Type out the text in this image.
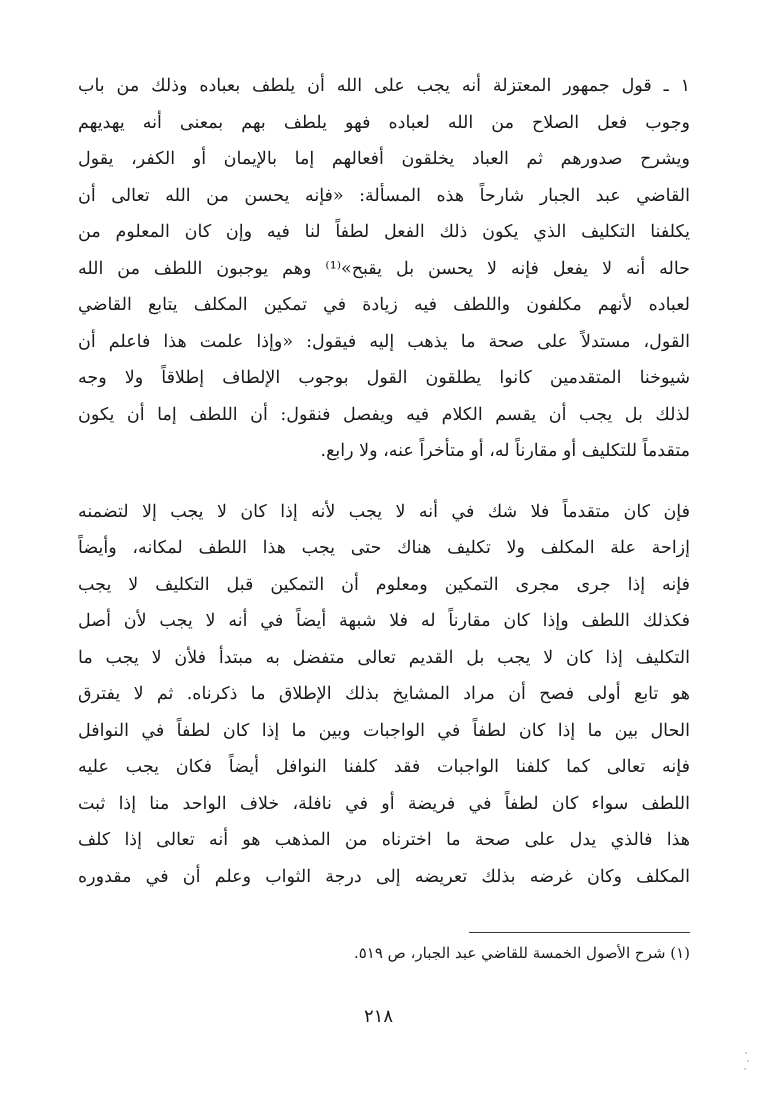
١ ـ قول جمهور المعتزلة أنه يجب على الله أن يلطف بعباده وذلك من باب
وجوب فعل الصلاح من الله لعباده فهو يلطف بهم بمعنى أنه يهديهم
ويشرح صدورهم ثم العباد يخلقون أفعالهم إما بالإيمان أو الكفر، يقول
القاضي عبد الجبار شارحاً هذه المسألة: «فإنه يحسن من الله تعالى أن
يكلفنا التكليف الذي يكون ذلك الفعل لطفاً لنا فيه وإن كان المعلوم من
حاله أنه لا يفعل فإنه لا يحسن بل يقبح»⁽¹⁾ وهم يوجبون اللطف من الله
لعباده لأنهم مكلفون واللطف فيه زيادة في تمكين المكلف يتابع القاضي
القول، مستدلاً على صحة ما يذهب إليه فيقول: «وإذا علمت هذا فاعلم أن
شيوخنا المتقدمين كانوا يطلقون القول بوجوب الإلطاف إطلاقاً ولا وجه
لذلك بل يجب أن يقسم الكلام فيه ويفصل فنقول: أن اللطف إما أن يكون
متقدماً للتكليف أو مقارناً له، أو متأخراً عنه، ولا رابع.
فإن كان متقدماً فلا شك في أنه لا يجب لأنه إذا كان لا يجب إلا لتضمنه
إزاحة علة المكلف ولا تكليف هناك حتى يجب هذا اللطف لمكانه، وأيضاً
فإنه إذا جرى مجرى التمكين ومعلوم أن التمكين قبل التكليف لا يجب
فكذلك اللطف وإذا كان مقارناً له فلا شبهة أيضاً في أنه لا يجب لأن أصل
التكليف إذا كان لا يجب بل القديم تعالى متفضل به مبتدأ فلأن لا يجب ما
هو تابع أولى فصح أن مراد المشايخ بذلك الإطلاق ما ذكرناه. ثم لا يفترق
الحال بين ما إذا كان لطفاً في الواجبات وبين ما إذا كان لطفاً في النوافل
فإنه تعالى كما كلفنا الواجبات فقد كلفنا النوافل أيضاً فكان يجب عليه
اللطف سواء كان لطفاً في فريضة أو في نافلة، خلاف الواحد منا إذا ثبت
هذا فالذي يدل على صحة ما اخترناه من المذهب هو أنه تعالى إذا كلف
المكلف وكان غرضه بذلك تعريضه إلى درجة الثواب وعلم أن في مقدوره
(١) شرح الأصول الخمسة للقاضي عبد الجبار، ص ٥١٩.
٢١٨
